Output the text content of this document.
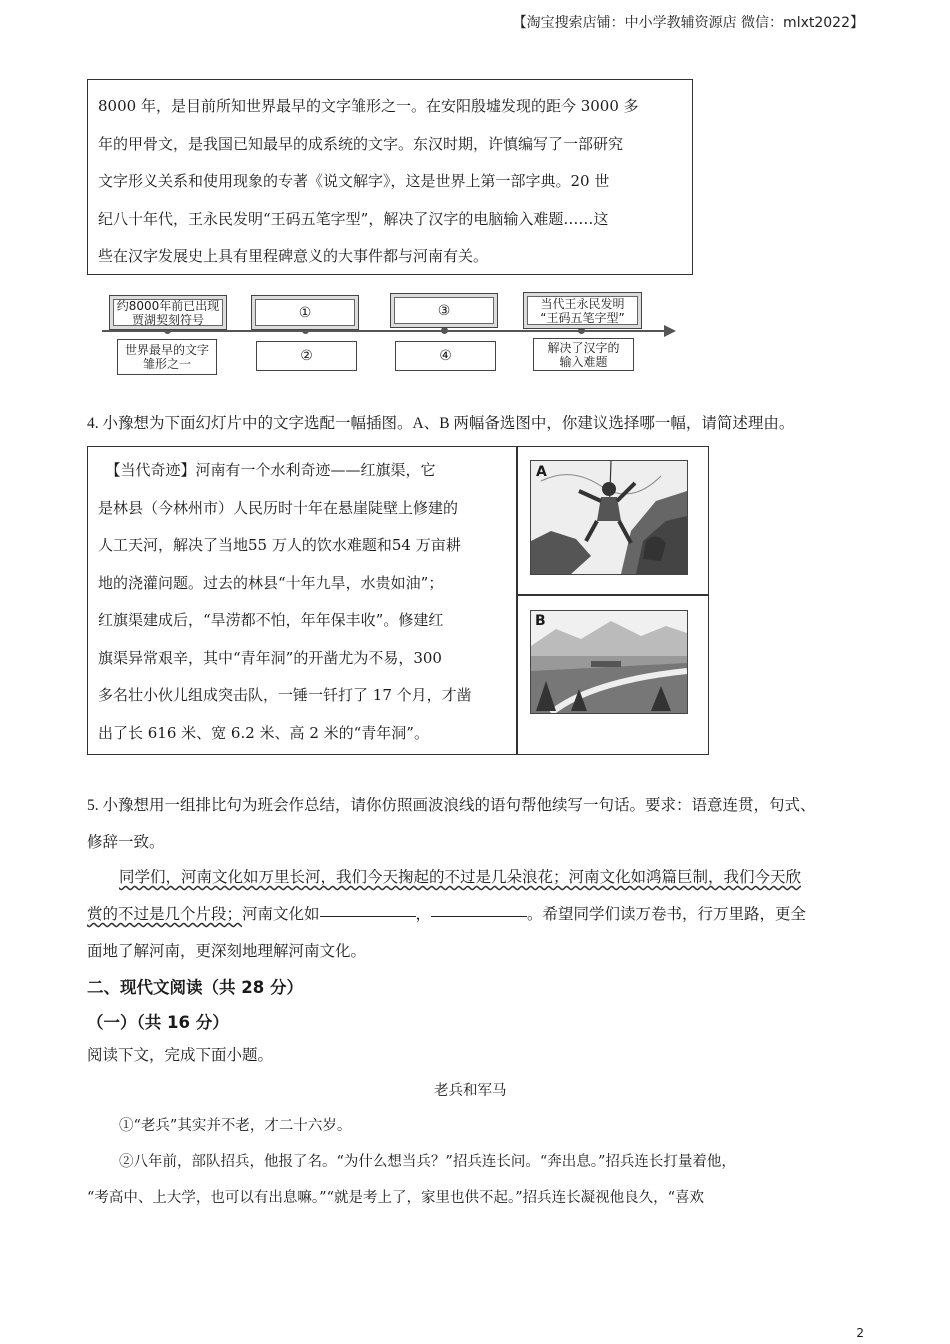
【淘宝搜索店铺：中小学教辅资源店 微信：mlxt2022】

8000 年，是目前所知世界最早的文字雏形之一。在安阳殷墟发现的距今 3000 多

年的甲骨文，是我国已知最早的成系统的文字。东汉时期，许慎编写了一部研究

文字形义关系和使用现象的专著《说文解字》，这是世界上第一部字典。20 世

纪八十年代，王永民发明“王码五笔字型”，解决了汉字的电脑输入难题……这

些在汉字发展史上具有里程碑意义的大事件都与河南有关。

约8000年前已出现
贾湖契刻符号	①	③	当代王永民发明
“王码五笔字型”
世界最早的文字
雏形之一	②	④
解决了汉字的
输入难题
4. 小豫想为下面幻灯片中的文字选配一幅插图。A、B 两幅备选图中，你建议选择哪一幅，请简述理由。

　【当代奇迹】河南有一个水利奇迹——红旗渠，它

是林县（今林州市）人民历时十年在悬崖陡壁上修建的

人工天河，解决了当地55 万人的饮水难题和54 万亩耕

地的浇灌问题。过去的林县“十年九旱，水贵如油”；

红旗渠建成后，“旱涝都不怕，年年保丰收”。修建红

旗渠异常艰辛，其中“青年洞”的开凿尤为不易，300

多名壮小伙儿组成突击队，一锤一钎打了 17 个月，才凿

出了长 616 米、宽 6.2 米、高 2 米的“青年洞”。

A
B
5. 小豫想用一组排比句为班会作总结，请你仿照画波浪线的语句帮他续写一句话。要求：语意连贯，句式、
修辞一致。
同学们，河南文化如万里长河，我们今天掬起的不过是几朵浪花；河南文化如鸿篇巨制，我们今天欣
赏的不过是几个片段；河南文化如	，	。希望同学们读万卷书，行万里路，更全
面地了解河南，更深刻地理解河南文化。
二、现代文阅读（共 28 分）
（一）（共 16 分）
阅读下文，完成下面小题。
老兵和军马
①“老兵”其实并不老，才二十六岁。
②八年前，部队招兵，他报了名。“为什么想当兵？”招兵连长问。“奔出息。”招兵连长打量着他，
“考高中、上大学，也可以有出息嘛。”“就是考上了，家里也供不起。”招兵连长凝视他良久，“喜欢
2
